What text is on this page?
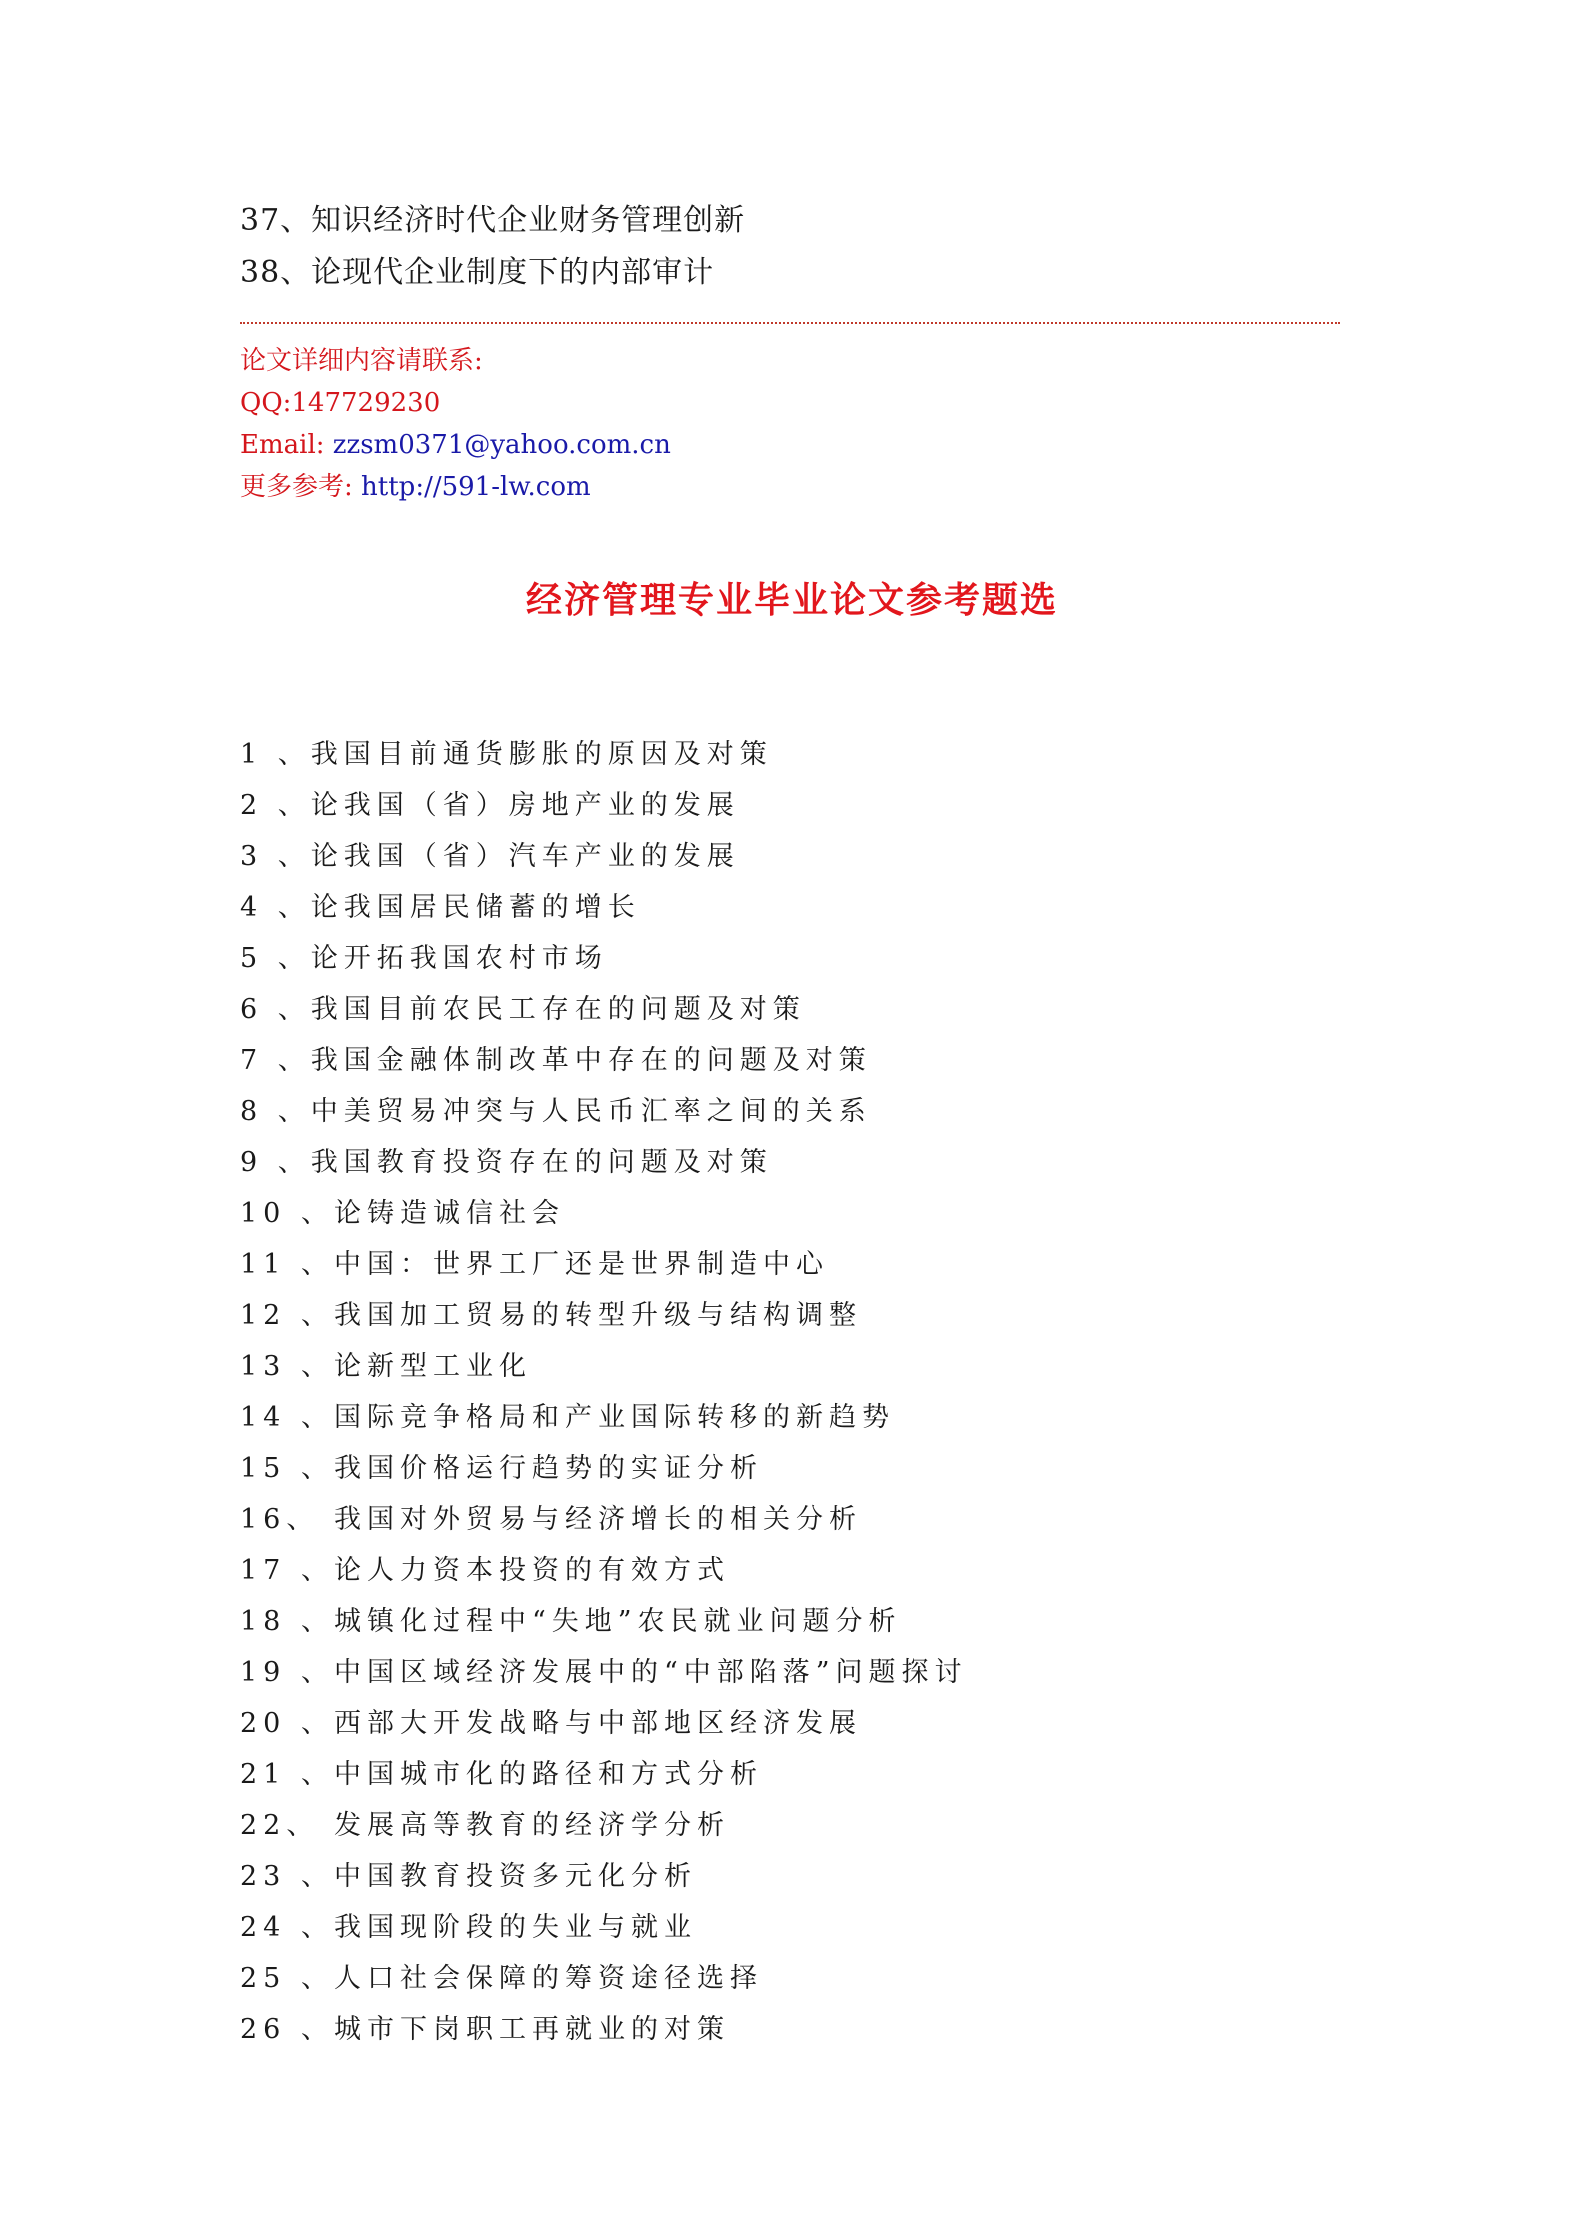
37、知识经济时代企业财务管理创新
38、论现代企业制度下的内部审计
论文详细内容请联系:
QQ:147729230
Email: zzsm0371@yahoo.com.cn
更多参考: http://591-lw.com
经济管理专业毕业论文参考题选
1 、我国目前通货膨胀的原因及对策
2 、论我国（省）房地产业的发展
3 、论我国（省）汽车产业的发展
4 、论我国居民储蓄的增长
5 、论开拓我国农村市场
6 、我国目前农民工存在的问题及对策
7 、我国金融体制改革中存在的问题及对策
8 、中美贸易冲突与人民币汇率之间的关系
9 、我国教育投资存在的问题及对策
10 、论铸造诚信社会
11 、中国：世界工厂还是世界制造中心
12 、我国加工贸易的转型升级与结构调整
13 、论新型工业化
14 、国际竞争格局和产业国际转移的新趋势
15 、我国价格运行趋势的实证分析
16、 我国对外贸易与经济增长的相关分析
17 、论人力资本投资的有效方式
18 、城镇化过程中“失地”农民就业问题分析
19 、中国区域经济发展中的“中部陷落”问题探讨
20 、西部大开发战略与中部地区经济发展
21 、中国城市化的路径和方式分析
22、 发展高等教育的经济学分析
23 、中国教育投资多元化分析
24 、我国现阶段的失业与就业
25 、人口社会保障的筹资途径选择
26 、城市下岗职工再就业的对策
